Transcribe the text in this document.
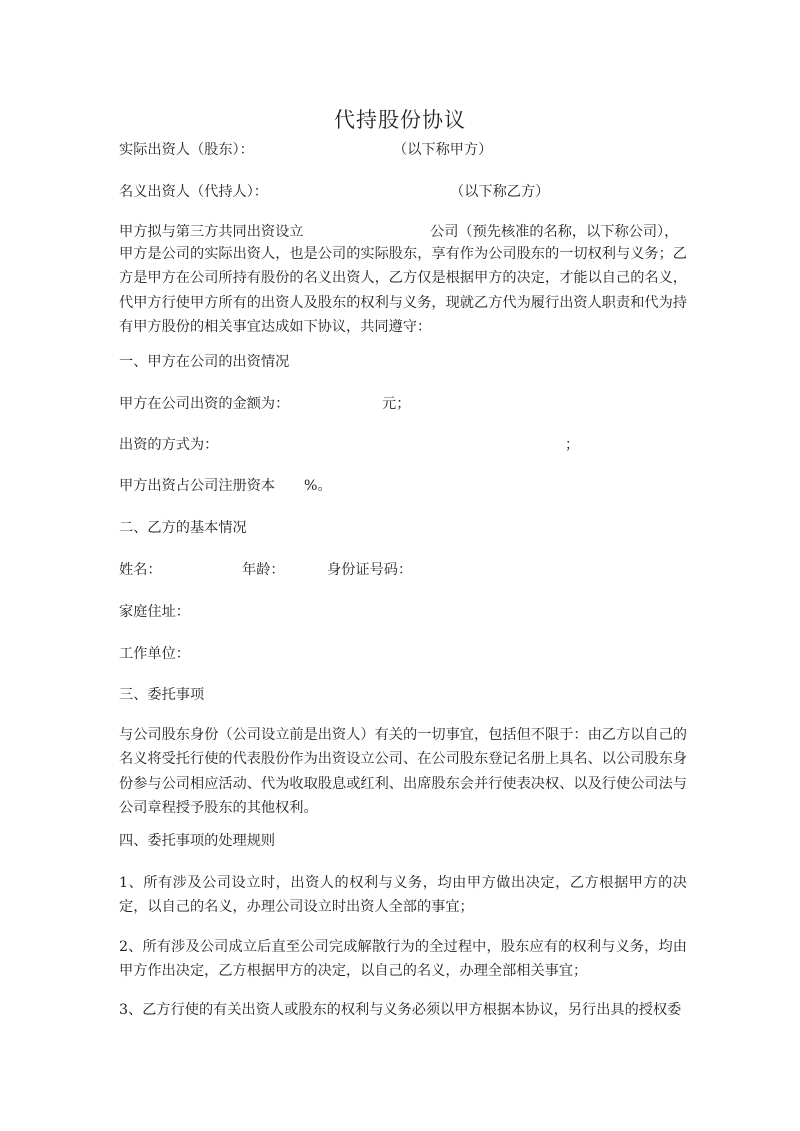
代持股份协议
实际出资人（股东）：	（以下称甲方）
名义出资人（代持人）：	（以下称乙方）
甲方拟与第三方共同出资设立	公司（预先核准的名称，以下称公司），
甲方是公司的实际出资人，也是公司的实际股东，享有作为公司股东的一切权利与义务；乙方是甲方在公司所持有股份的名义出资人，乙方仅是根据甲方的决定，才能以自己的名义，代甲方行使甲方所有的出资人及股东的权利与义务，现就乙方代为履行出资人职责和代为持有甲方股份的相关事宜达成如下协议，共同遵守：
一、甲方在公司的出资情况
甲方在公司出资的金额为：	元；
出资的方式为：	；
甲方出资占公司注册资本 %。
二、乙方的基本情况
姓名：	年龄：	身份证号码：
家庭住址：
工作单位：
三、委托事项
与公司股东身份（公司设立前是出资人）有关的一切事宜，包括但不限于：由乙方以自己的名义将受托行使的代表股份作为出资设立公司、在公司股东登记名册上具名、以公司股东身份参与公司相应活动、代为收取股息或红利、出席股东会并行使表决权、以及行使公司法与公司章程授予股东的其他权利。
四、委托事项的处理规则
1、所有涉及公司设立时，出资人的权利与义务，均由甲方做出决定，乙方根据甲方的决定，以自己的名义，办理公司设立时出资人全部的事宜；
2、所有涉及公司成立后直至公司完成解散行为的全过程中，股东应有的权利与义务，均由甲方作出决定，乙方根据甲方的决定，以自己的名义，办理全部相关事宜；
3、乙方行使的有关出资人或股东的权利与义务必须以甲方根据本协议，另行出具的授权委
